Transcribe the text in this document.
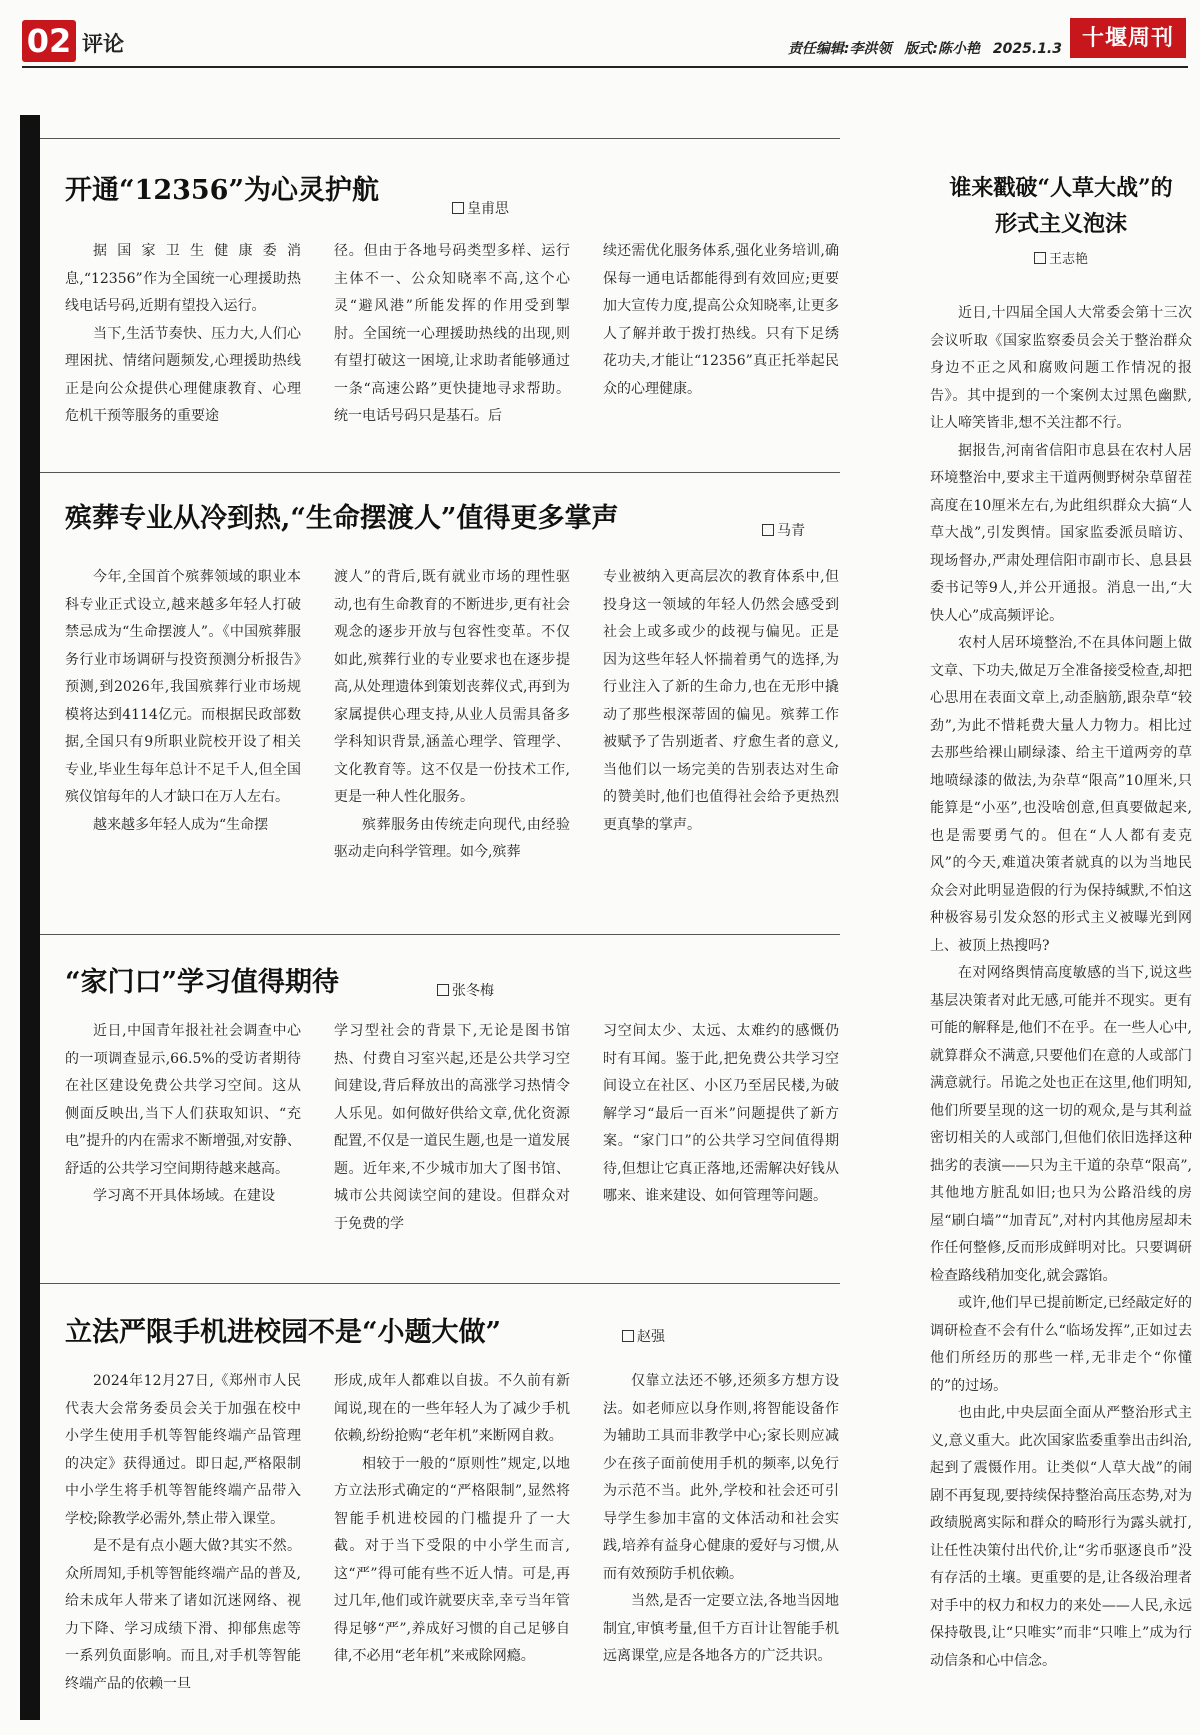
02 评论	责任编辑:李洪领 版式:陈小艳 2025.1.3 十堰周刊
开通“12356”为心灵护航
皇甫思

据国家卫生健康委消息,“12356”作为全国统一心理援助热线电话号码,近期有望投入运行。

当下,生活节奏快、压力大,人们心理困扰、情绪问题频发,心理援助热线正是向公众提供心理健康教育、心理危机干预等服务的重要途

径。但由于各地号码类型多样、运行主体不一、公众知晓率不高,这个心灵“避风港”所能发挥的作用受到掣肘。全国统一心理援助热线的出现,则有望打破这一困境,让求助者能够通过一条“高速公路”更快捷地寻求帮助。统一电话号码只是基石。后

续还需优化服务体系,强化业务培训,确保每一通电话都能得到有效回应;更要加大宣传力度,提高公众知晓率,让更多人了解并敢于拨打热线。只有下足绣花功夫,才能让“12356”真正托举起民众的心理健康。

殡葬专业从冷到热,“生命摆渡人”值得更多掌声	马青

今年,全国首个殡葬领域的职业本科专业正式设立,越来越多年轻人打破禁忌成为“生命摆渡人”。《中国殡葬服务行业市场调研与投资预测分析报告》预测,到2026年,我国殡葬行业市场规模将达到4114亿元。而根据民政部数据,全国只有9所职业院校开设了相关专业,毕业生每年总计不足千人,但全国殡仪馆每年的人才缺口在万人左右。

越来越多年轻人成为“生命摆

渡人”的背后,既有就业市场的理性驱动,也有生命教育的不断进步,更有社会观念的逐步开放与包容性变革。不仅如此,殡葬行业的专业要求也在逐步提高,从处理遗体到策划丧葬仪式,再到为家属提供心理支持,从业人员需具备多学科知识背景,涵盖心理学、管理学、文化教育等。这不仅是一份技术工作,更是一种人性化服务。

殡葬服务由传统走向现代,由经验驱动走向科学管理。如今,殡葬

专业被纳入更高层次的教育体系中,但投身这一领域的年轻人仍然会感受到社会上或多或少的歧视与偏见。正是因为这些年轻人怀揣着勇气的选择,为行业注入了新的生命力,也在无形中撬动了那些根深蒂固的偏见。殡葬工作被赋予了告别逝者、疗愈生者的意义,当他们以一场完美的告别表达对生命的赞美时,他们也值得社会给予更热烈更真挚的掌声。

“家门口”学习值得期待	张冬梅

近日,中国青年报社社会调查中心的一项调查显示,66.5%的受访者期待在社区建设免费公共学习空间。这从侧面反映出,当下人们获取知识、“充电”提升的内在需求不断增强,对安静、舒适的公共学习空间期待越来越高。

学习离不开具体场域。在建设

学习型社会的背景下,无论是图书馆热、付费自习室兴起,还是公共学习空间建设,背后释放出的高涨学习热情令人乐见。如何做好供给文章,优化资源配置,不仅是一道民生题,也是一道发展题。近年来,不少城市加大了图书馆、城市公共阅读空间的建设。但群众对于免费的学

习空间太少、太远、太难约的感慨仍时有耳闻。鉴于此,把免费公共学习空间设立在社区、小区乃至居民楼,为破解学习“最后一百米”问题提供了新方案。“家门口”的公共学习空间值得期待,但想让它真正落地,还需解决好钱从哪来、谁来建设、如何管理等问题。

立法严限手机进校园不是“小题大做”	赵强

2024年12月27日,《郑州市人民代表大会常务委员会关于加强在校中小学生使用手机等智能终端产品管理的决定》获得通过。即日起,严格限制中小学生将手机等智能终端产品带入学校;除教学必需外,禁止带入课堂。

是不是有点小题大做?其实不然。众所周知,手机等智能终端产品的普及,给未成年人带来了诸如沉迷网络、视力下降、学习成绩下滑、抑郁焦虑等一系列负面影响。而且,对手机等智能终端产品的依赖一旦

形成,成年人都难以自拔。不久前有新闻说,现在的一些年轻人为了减少手机依赖,纷纷抢购“老年机”来断网自救。

相较于一般的“原则性”规定,以地方立法形式确定的“严格限制”,显然将智能手机进校园的门槛提升了一大截。对于当下受限的中小学生而言,这“严”得可能有些不近人情。可是,再过几年,他们或许就要庆幸,幸亏当年管得足够“严”,养成好习惯的自己足够自律,不必用“老年机”来戒除网瘾。

仅靠立法还不够,还须多方想方设法。如老师应以身作则,将智能设备作为辅助工具而非教学中心;家长则应减少在孩子面前使用手机的频率,以免行为示范不当。此外,学校和社会还可引导学生参加丰富的文体活动和社会实践,培养有益身心健康的爱好与习惯,从而有效预防手机依赖。

当然,是否一定要立法,各地当因地制宜,审慎考量,但千方百计让智能手机远离课堂,应是各地各方的广泛共识。

谁来戳破“人草大战”的
形式主义泡沫
王志艳

近日,十四届全国人大常委会第十三次会议听取《国家监察委员会关于整治群众身边不正之风和腐败问题工作情况的报告》。其中提到的一个案例太过黑色幽默,让人啼笑皆非,想不关注都不行。

据报告,河南省信阳市息县在农村人居环境整治中,要求主干道两侧野树杂草留茬高度在10厘米左右,为此组织群众大搞“人草大战”,引发舆情。国家监委派员暗访、现场督办,严肃处理信阳市副市长、息县县委书记等9人,并公开通报。消息一出,“大快人心”成高频评论。

农村人居环境整治,不在具体问题上做文章、下功夫,做足万全准备接受检查,却把心思用在表面文章上,动歪脑筋,跟杂草“较劲”,为此不惜耗费大量人力物力。相比过去那些给裸山刷绿漆、给主干道两旁的草地喷绿漆的做法,为杂草“限高”10厘米,只能算是“小巫”,也没啥创意,但真要做起来,也是需要勇气的。但在“人人都有麦克风”的今天,难道决策者就真的以为当地民众会对此明显造假的行为保持缄默,不怕这种极容易引发众怒的形式主义被曝光到网上、被顶上热搜吗?

在对网络舆情高度敏感的当下,说这些基层决策者对此无感,可能并不现实。更有可能的解释是,他们不在乎。在一些人心中,就算群众不满意,只要他们在意的人或部门满意就行。吊诡之处也正在这里,他们明知,他们所要呈现的这一切的观众,是与其利益密切相关的人或部门,但他们依旧选择这种拙劣的表演——只为主干道的杂草“限高”,其他地方脏乱如旧;也只为公路沿线的房屋“刷白墙”“加青瓦”,对村内其他房屋却未作任何整修,反而形成鲜明对比。只要调研检查路线稍加变化,就会露馅。

或许,他们早已提前断定,已经敲定好的调研检查不会有什么“临场发挥”,正如过去他们所经历的那些一样,无非走个“你懂的”的过场。

也由此,中央层面全面从严整治形式主义,意义重大。此次国家监委重拳出击纠治,起到了震慑作用。让类似“人草大战”的闹剧不再复现,要持续保持整治高压态势,对为政绩脱离实际和群众的畸形行为露头就打,让任性决策付出代价,让“劣币驱逐良币”没有存活的土壤。更重要的是,让各级治理者对手中的权力和权力的来处——人民,永远保持敬畏,让“只唯实”而非“只唯上”成为行动信条和心中信念。
